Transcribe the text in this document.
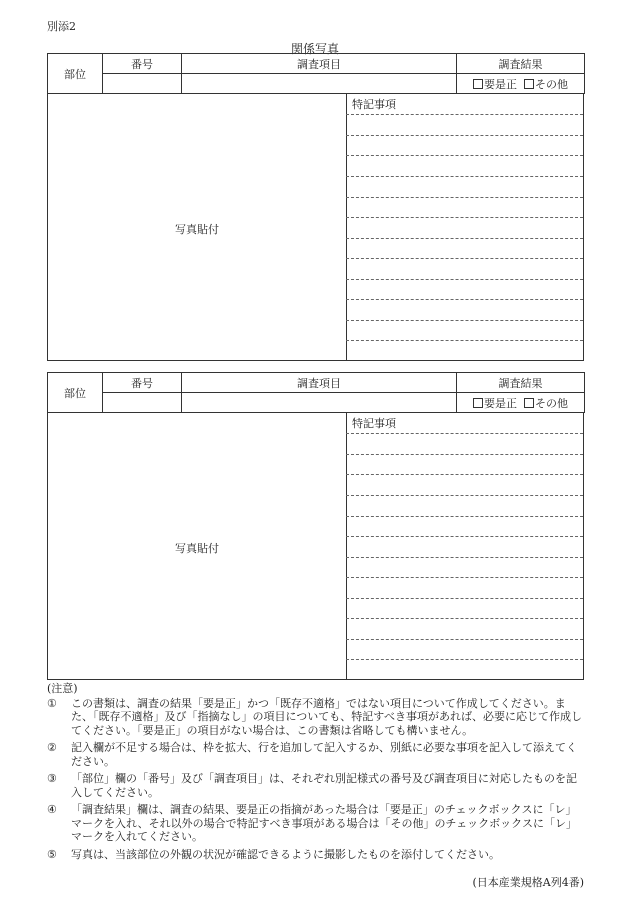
別添2
関係写真
部位	番号	調査項目	調査結果
			要是正 その他
写真貼付
特記事項
部位	番号	調査項目	調査結果
			要是正 その他
写真貼付
特記事項
(注意)
① この書類は、調査の結果「要是正」かつ「既存不適格」ではない項目について作成してください。また、「既存不適格」及び「指摘なし」の項目についても、特記すべき事項があれば、必要に応じて作成してください。「要是正」の項目がない場合は、この書類は省略しても構いません。
② 記入欄が不足する場合は、枠を拡大、行を追加して記入するか、別紙に必要な事項を記入して添えてください。
③ 「部位」欄の「番号」及び「調査項目」は、それぞれ別記様式の番号及び調査項目に対応したものを記入してください。
④ 「調査結果」欄は、調査の結果、要是正の指摘があった場合は「要是正」のチェックボックスに「レ」マークを入れ、それ以外の場合で特記すべき事項がある場合は「その他」のチェックボックスに「レ」マークを入れてください。
⑤ 写真は、当該部位の外観の状況が確認できるように撮影したものを添付してください。
(日本産業規格A列4番)
